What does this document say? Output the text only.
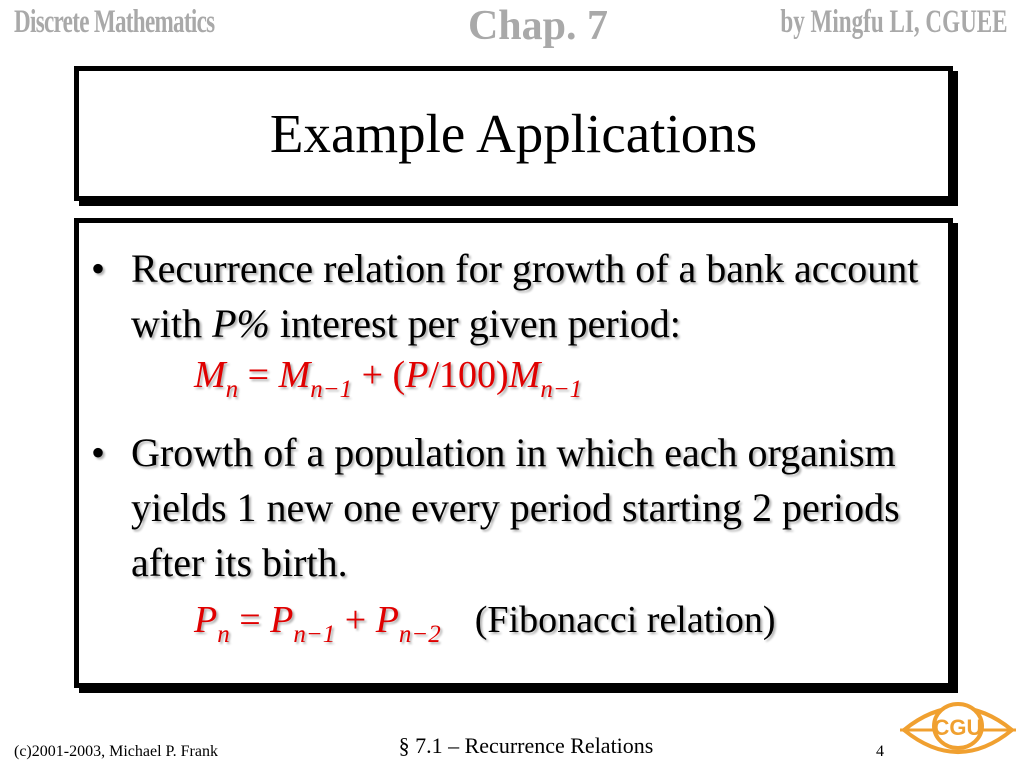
Discrete Mathematics	Chap. 7	by Mingfu LI, CGUEE
Example Applications
• Recurrence relation for growth of a bank account with P% interest per given period:
$M_n = M_{n-1} + (P/100)M_{n-1}$
• Growth of a population in which each organism yields 1 new one every period starting 2 periods after its birth.
$P_n = P_{n-1} + P_{n-2}$ (Fibonacci relation)
(c)2001-2003, Michael P. Frank	§ 7.1 – Recurrence Relations	4
CGU
